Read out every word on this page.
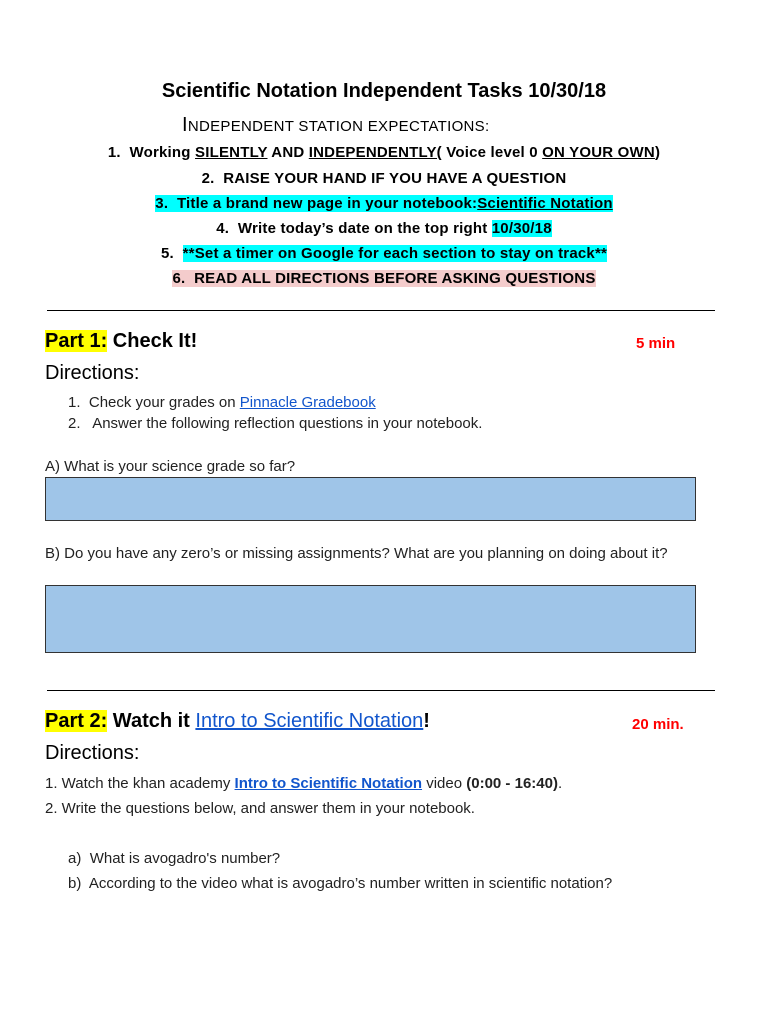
Scientific Notation Independent Tasks 10/30/18
INDEPENDENT STATION EXPECTATIONS:
1. Working SILENTLY AND INDEPENDENTLY( Voice level 0 ON YOUR OWN)
2. RAISE YOUR HAND IF YOU HAVE A QUESTION
3. Title a brand new page in your notebook:Scientific Notation
4. Write today’s date on the top right 10/30/18
5. **Set a timer on Google for each section to stay on track**
6. READ ALL DIRECTIONS BEFORE ASKING QUESTIONS
Part 1: Check It!	5 min
Directions:
1. Check your grades on Pinnacle Gradebook
2. Answer the following reflection questions in your notebook.
A) What is your science grade so far?
B) Do you have any zero’s or missing assignments? What are you planning on doing about it?
Part 2: Watch it Intro to Scientific Notation!	20 min.
Directions:
1. Watch the khan academy Intro to Scientific Notation video (0:00 - 16:40).
2. Write the questions below, and answer them in your notebook.
a) What is avogadro's number?
b) According to the video what is avogadro’s number written in scientific notation?
